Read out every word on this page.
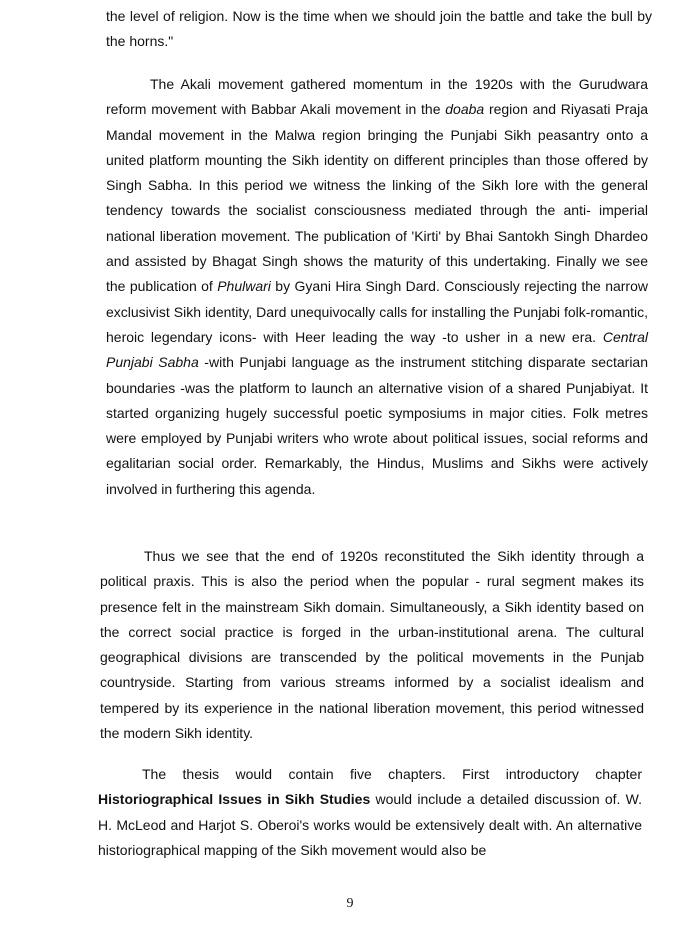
the level of religion. Now is the time when we should join the battle and take the bull by the horns."

The Akali movement gathered momentum in the 1920s with the Gurudwara reform movement with Babbar Akali movement in the doaba region and Riyasati Praja Mandal movement in the Malwa region bringing the Punjabi Sikh peasantry onto a united platform mounting the Sikh identity on different principles than those offered by Singh Sabha. In this period we witness the linking of the Sikh lore with the general tendency towards the socialist consciousness mediated through the anti- imperial national liberation movement. The publication of 'Kirti' by Bhai Santokh Singh Dhardeo and assisted by Bhagat Singh shows the maturity of this undertaking. Finally we see the publication of Phulwari by Gyani Hira Singh Dard. Consciously rejecting the narrow exclusivist Sikh identity, Dard unequivocally calls for installing the Punjabi folk-romantic, heroic legendary icons- with Heer leading the way -to usher in a new era. Central Punjabi Sabha -with Punjabi language as the instrument stitching disparate sectarian boundaries -was the platform to launch an alternative vision of a shared Punjabiyat. It started organizing hugely successful poetic symposiums in major cities. Folk metres were employed by Punjabi writers who wrote about political issues, social reforms and egalitarian social order. Remarkably, the Hindus, Muslims and Sikhs were actively involved in furthering this agenda.

Thus we see that the end of 1920s reconstituted the Sikh identity through a political praxis. This is also the period when the popular - rural segment makes its presence felt in the mainstream Sikh domain. Simultaneously, a Sikh identity based on the correct social practice is forged in the urban-institutional arena. The cultural geographical divisions are transcended by the political movements in the Punjab countryside. Starting from various streams informed by a socialist idealism and tempered by its experience in the national liberation movement, this period witnessed the modern Sikh identity.

The thesis would contain five chapters. First introductory chapter Historiographical Issues in Sikh Studies would include a detailed discussion of. W. H. McLeod and Harjot S. Oberoi's works would be extensively dealt with. An alternative historiographical mapping of the Sikh movement would also be

9
